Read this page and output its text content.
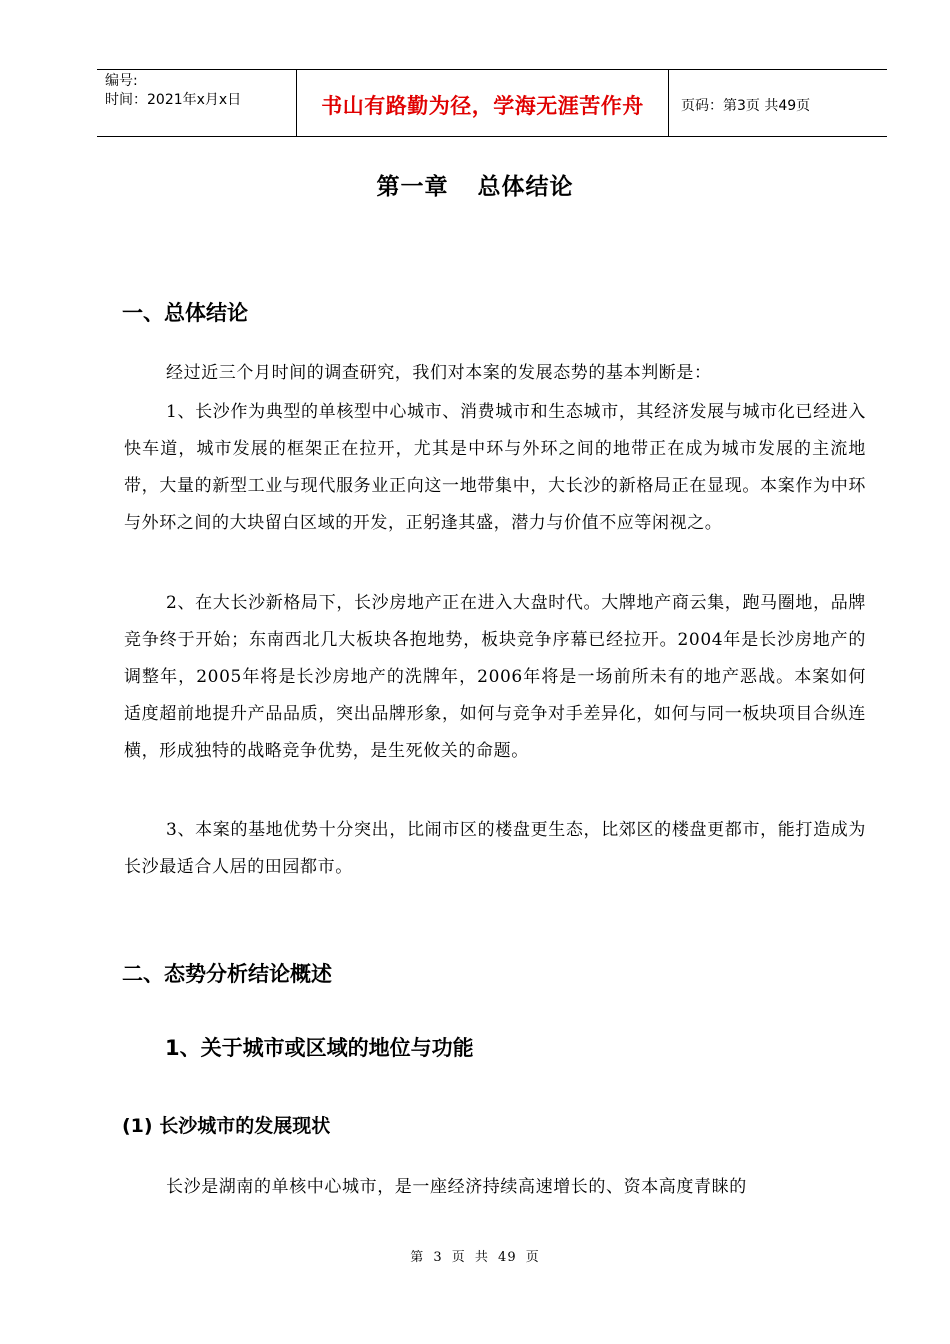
编号:
时间：2021年x月x日	书山有路勤为径，学海无涯苦作舟	页码：第3页 共49页
第一章 总体结论
一、总体结论

经过近三个月时间的调查研究，我们对本案的发展态势的基本判断是：

1、长沙作为典型的单核型中心城市、消费城市和生态城市，其经济发展与城市化已经进入快车道，城市发展的框架正在拉开，尤其是中环与外环之间的地带正在成为城市发展的主流地带，大量的新型工业与现代服务业正向这一地带集中，大长沙的新格局正在显现。本案作为中环与外环之间的大块留白区域的开发，正躬逢其盛，潜力与价值不应等闲视之。

2、在大长沙新格局下，长沙房地产正在进入大盘时代。大牌地产商云集，跑马圈地，品牌竞争终于开始；东南西北几大板块各抱地势，板块竞争序幕已经拉开。2004年是长沙房地产的调整年，2005年将是长沙房地产的洗牌年，2006年将是一场前所未有的地产恶战。本案如何适度超前地提升产品品质，突出品牌形象，如何与竞争对手差异化，如何与同一板块项目合纵连横，形成独特的战略竞争优势，是生死攸关的命题。

3、本案的基地优势十分突出，比闹市区的楼盘更生态，比郊区的楼盘更都市，能打造成为长沙最适合人居的田园都市。

二、态势分析结论概述
1、关于城市或区域的地位与功能
(1) 长沙城市的发展现状

长沙是湖南的单核中心城市，是一座经济持续高速增长的、资本高度青睐的

第 3 页 共 49 页
